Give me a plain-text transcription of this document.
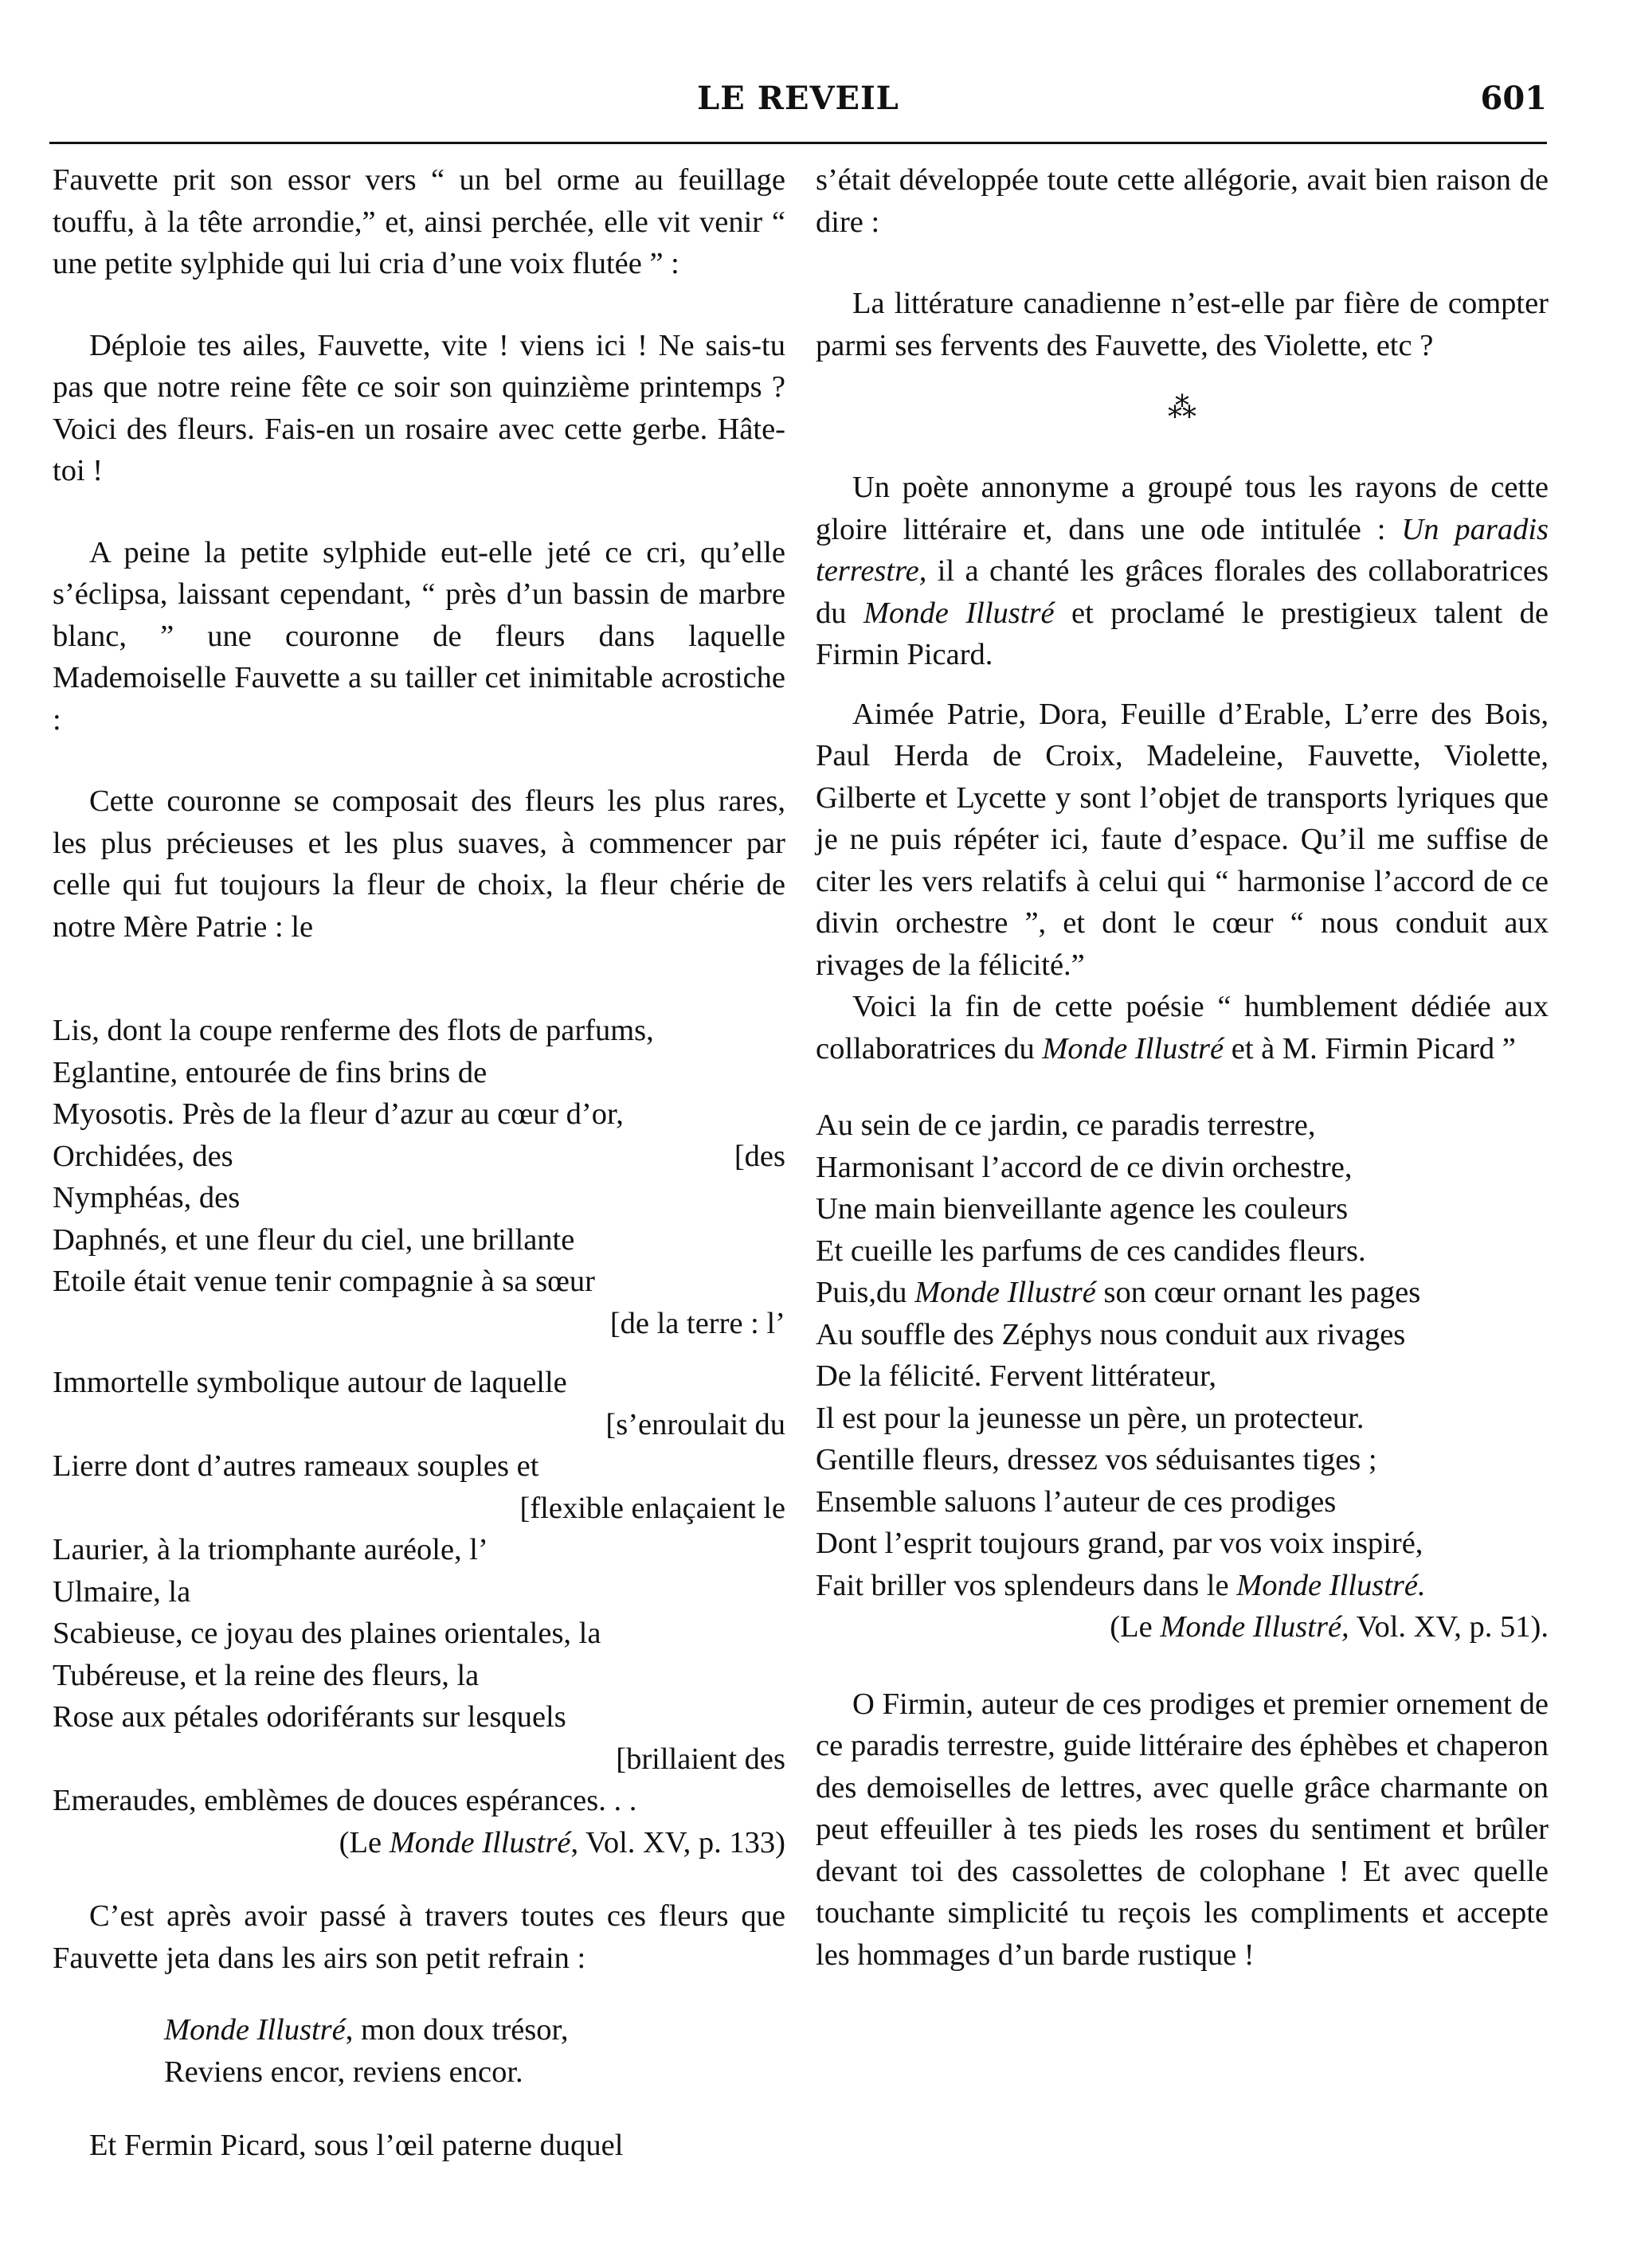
LE REVEIL	601

Fauvette prit son essor vers “ un bel orme au feuillage touffu, à la tête arrondie,” et, ainsi perchée, elle vit venir “ une petite sylphide qui lui cria d’une voix flutée ” :

Déploie tes ailes, Fauvette, vite ! viens ici ! Ne sais-tu pas que notre reine fête ce soir son quinzième printemps ? Voici des fleurs. Fais-en un rosaire avec cette gerbe. Hâte-toi !

A peine la petite sylphide eut-elle jeté ce cri, qu’elle s’éclipsa, laissant cependant, “ près d’un bassin de marbre blanc, ” une couronne de fleurs dans laquelle Mademoiselle Fauvette a su tailler cet inimitable acrostiche :

Cette couronne se composait des fleurs les plus rares, les plus précieuses et les plus suaves, à commencer par celle qui fut toujours la fleur de choix, la fleur chérie de notre Mère Patrie : le

Lis, dont la coupe renferme des flots de parfums,
Eglantine, entourée de fins brins de
Myosotis. Près de la fleur d’azur au cœur d’or,
Orchidées, des	[des
Nymphéas, des
Daphnés, et une fleur du ciel, une brillante
Etoile était venue tenir compagnie à sa sœur
[de la terre : l’
Immortelle symbolique autour de laquelle
[s’enroulait du
Lierre dont d’autres rameaux souples et
[flexible enlaçaient le
Laurier, à la triomphante auréole, l’
Ulmaire, la
Scabieuse, ce joyau des plaines orientales, la
Tubéreuse, et la reine des fleurs, la
Rose aux pétales odoriférants sur lesquels
[brillaient des
Emeraudes, emblèmes de douces espérances. . .
(Le Monde Illustré, Vol. XV, p. 133)

C’est après avoir passé à travers toutes ces fleurs que Fauvette jeta dans les airs son petit refrain :

Monde Illustré, mon doux trésor,
Reviens encor, reviens encor.

Et Fermin Picard, sous l’œil paterne duquel

s’était développée toute cette allégorie, avait bien raison de dire :

La littérature canadienne n’est-elle par fière de compter parmi ses fervents des Fauvette, des Violette, etc ?

⁂

Un poète annonyme a groupé tous les rayons de cette gloire littéraire et, dans une ode intitulée : Un paradis terrestre, il a chanté les grâces florales des collaboratrices du Monde Illustré et proclamé le prestigieux talent de Firmin Picard.

Aimée Patrie, Dora, Feuille d’Erable, L’erre des Bois, Paul Herda de Croix, Madeleine, Fauvette, Violette, Gilberte et Lycette y sont l’objet de transports lyriques que je ne puis répéter ici, faute d’espace. Qu’il me suffise de citer les vers relatifs à celui qui “ harmonise l’accord de ce divin orchestre ”, et dont le cœur “ nous conduit aux rivages de la félicité.”

Voici la fin de cette poésie “ humblement dédiée aux collaboratrices du Monde Illustré et à M. Firmin Picard ”

Au sein de ce jardin, ce paradis terrestre,
Harmonisant l’accord de ce divin orchestre,
Une main bienveillante agence les couleurs
Et cueille les parfums de ces candides fleurs.
Puis,du Monde Illustré son cœur ornant les pages
Au souffle des Zéphys nous conduit aux rivages
De la félicité. Fervent littérateur,
Il est pour la jeunesse un père, un protecteur.
Gentille fleurs, dressez vos séduisantes tiges ;
Ensemble saluons l’auteur de ces prodiges
Dont l’esprit toujours grand, par vos voix inspiré,
Fait briller vos splendeurs dans le Monde Illustré.
(Le Monde Illustré, Vol. XV, p. 51).

O Firmin, auteur de ces prodiges et premier ornement de ce paradis terrestre, guide littéraire des éphèbes et chaperon des demoiselles de lettres, avec quelle grâce charmante on peut effeuiller à tes pieds les roses du sentiment et brûler devant toi des cassolettes de colophane ! Et avec quelle touchante simplicité tu reçois les compliments et accepte les hommages d’un barde rustique !
